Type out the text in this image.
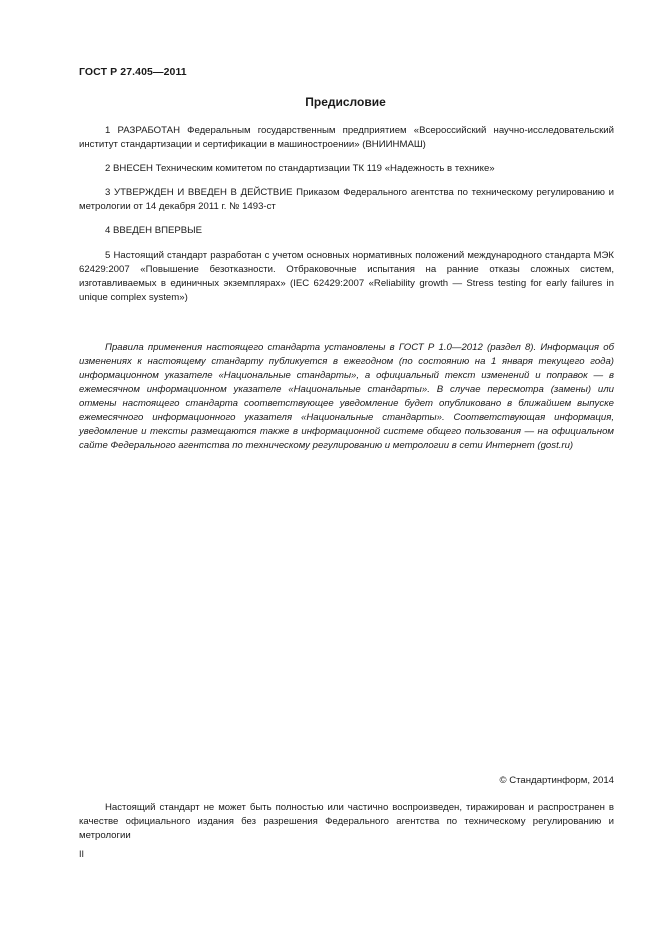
ГОСТ Р 27.405—2011
Предисловие

1 РАЗРАБОТАН Федеральным государственным предприятием «Всероссийский научно-исследовательский институт стандартизации и сертификации в машиностроении» (ВНИИНМАШ)

2 ВНЕСЕН Техническим комитетом по стандартизации ТК 119 «Надежность в технике»

3 УТВЕРЖДЕН И ВВЕДЕН В ДЕЙСТВИЕ Приказом Федерального агентства по техническому регулированию и метрологии от 14 декабря 2011 г. № 1493-ст

4 ВВЕДЕН ВПЕРВЫЕ

5 Настоящий стандарт разработан с учетом основных нормативных положений международного стандарта МЭК 62429:2007 «Повышение безотказности. Отбраковочные испытания на ранние отказы сложных систем, изготавливаемых в единичных экземплярах» (IEC 62429:2007 «Reliability growth — Stress testing for early failures in unique complex system»)

Правила применения настоящего стандарта установлены в ГОСТ Р 1.0—2012 (раздел 8). Информация об изменениях к настоящему стандарту публикуется в ежегодном (по состоянию на 1 января текущего года) информационном указателе «Национальные стандарты», а официальный текст изменений и поправок — в ежемесячном информационном указателе «Национальные стандарты». В случае пересмотра (замены) или отмены настоящего стандарта соответствующее уведомление будет опубликовано в ближайшем выпуске ежемесячного информационного указателя «Национальные стандарты». Соответствующая информация, уведомление и тексты размещаются также в информационной системе общего пользования — на официальном сайте Федерального агентства по техническому регулированию и метрологии в сети Интернет (gost.ru)

© Стандартинформ, 2014

Настоящий стандарт не может быть полностью или частично воспроизведен, тиражирован и распространен в качестве официального издания без разрешения Федерального агентства по техническому регулированию и метрологии

II
